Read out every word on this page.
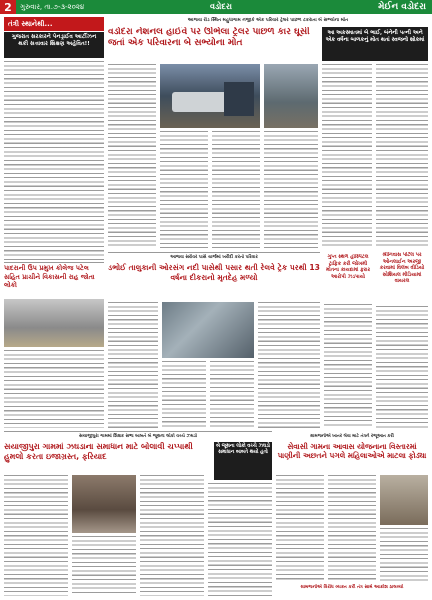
2	ગુરુવાર, તા.૭-૩-૨૦૨૪	વડોદરા	મેઈન વડોદરા
તંત્રી સ્થાનેથી...
ગુજરાત સરકારને પેનડ્રાઈવ આર્ટીઝન થકી સત્તાવાર શિક્ષણ અહેવિત!!
આજવા રોડ સ્થિત મહુધાગામ નજીકે એક પરિવાર ટ્રેલર પાછળ ટકરાતા બે સભ્યોના મોત
વડોદરા નેશનલ હાઈવે પર ઊભેલા ટ્રેલર પાછળ કાર ઘૂસી જતાં એક પરિવારના બે સભ્યોના મોત
આ અકસ્માતમાં બે ભાઈ, બંનેની પત્ની અને એક વર્ષના બાળકનું મોત થતાં સ્વજનો શોકમાં
પાદરાની ઉપ પ્રમુખ કોલેજ પટેલ સહિત પ્રાચીને વિકાસની રાહ જોતા લોકો
આજવા સરોવર પાસે ચાર્જમાં ખરીદી કરતો પરિવાર
ડભોઈ તાલુકાની ઓરસંગ નદી પાસેથી પસાર થતી રેલવે ટ્રેક પરથી 13 વર્ષના દીકરાનો મૃતદેહ મળ્યો
ગુપ્ત સ્થળે હોસ્પિટલ ટ્રાફિક કરી જોખમી મોતના કાયદામાં ફરાર આરોપી ઝડપાયો
શ્રીનિવાસ પોર્ટલ પર ઓનલાઈન અરજી કરવામાં વિલંબ વીડિયો સોશિયલ મીડિયામાં વાયરલ
સયાજીપુરા ગામમાં શિક્ષક સભા બાબતે બે જૂથના લોકો વચ્ચે ઝઘડો
સયાજીપુરા ગામમાં ઝઘડાના સમાધાન માટે બોલાવી ચપ્પાથી હુમલો કરતા ઇજાગ્રસ્ત, ફરિયાદ
બે જૂથના લોકો વચ્ચે ઝઘડો સમાધાન બાબતે થયો હતો
ગ્રામજનોએ ખાતર લેવા માટે તંત્રને રજૂઆત કરી
સેવાસી ગામના આવાસ યોજનાના વિસ્તારમાં પાણીની અછતને પગલે મહિલાઓએ માટલા ફોડ્યા
ગ્રામજનોએ વિરોધ વ્યક્ત કરી તંત્ર સામે આક્રોશ ઠાલવ્યો
